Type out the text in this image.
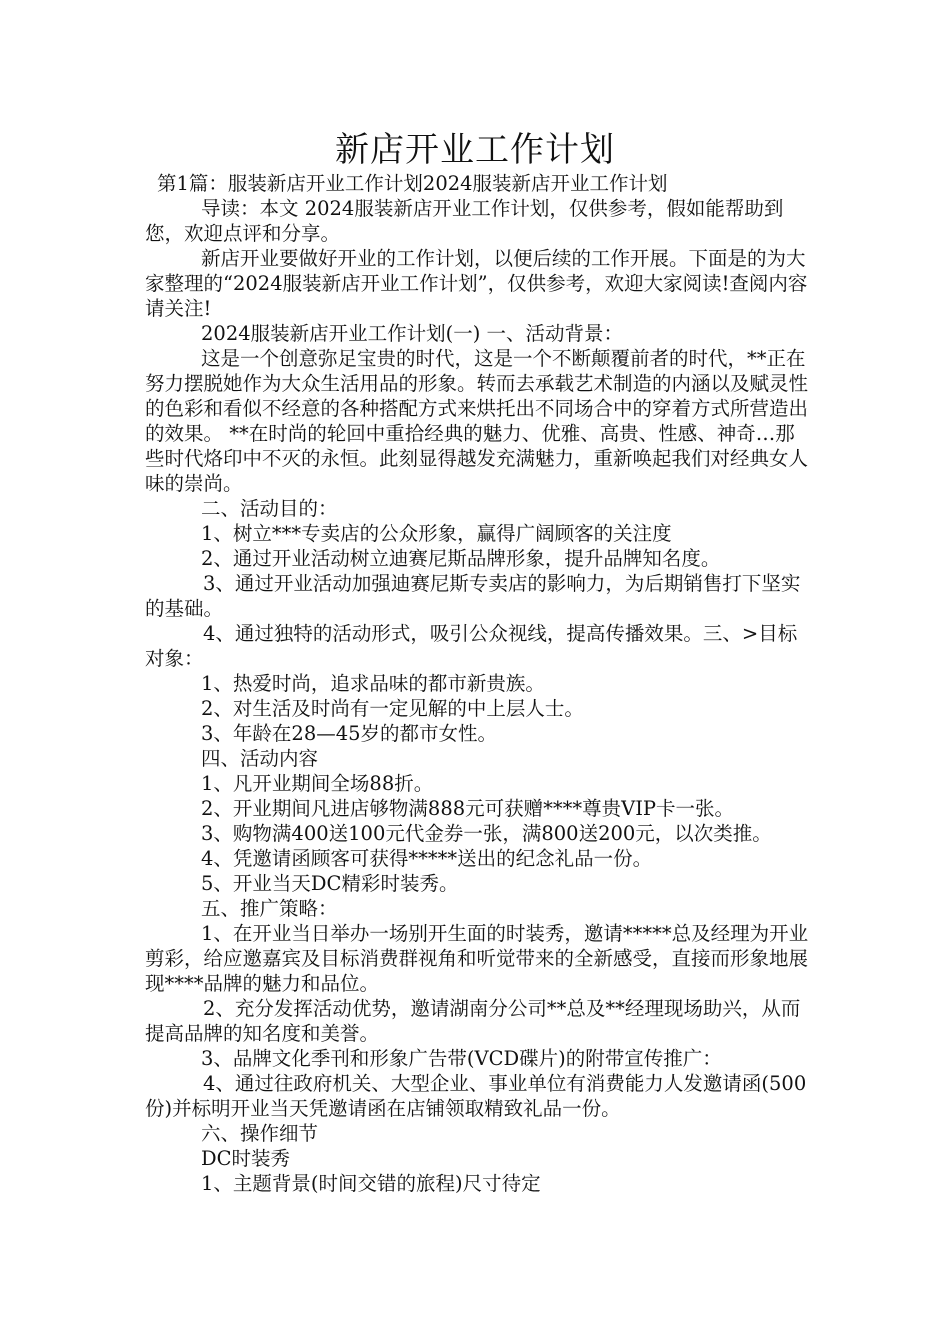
新店开业工作计划

第1篇：服装新店开业工作计划2024服装新店开业工作计划

导读：本文 2024服装新店开业工作计划，仅供参考，假如能帮助到您，欢迎点评和分享。

新店开业要做好开业的工作计划，以便后续的工作开展。下面是的为大家整理的“2024服装新店开业工作计划”，仅供参考，欢迎大家阅读!查阅内容请关注!

2024服装新店开业工作计划(一) 一、活动背景：

这是一个创意弥足宝贵的时代，这是一个不断颠覆前者的时代，**正在努力摆脱她作为大众生活用品的形象。转而去承载艺术制造的内涵以及赋灵性的色彩和看似不经意的各种搭配方式来烘托出不同场合中的穿着方式所营造出的效果。 **在时尚的轮回中重拾经典的魅力、优雅、高贵、性感、神奇…那些时代烙印中不灭的永恒。此刻显得越发充满魅力，重新唤起我们对经典女人味的崇尚。

二、活动目的：

1、树立***专卖店的公众形象，赢得广阔顾客的关注度

2、通过开业活动树立迪赛尼斯品牌形象，提升品牌知名度。

3、通过开业活动加强迪赛尼斯专卖店的影响力，为后期销售打下坚实的基础。

4、通过独特的活动形式，吸引公众视线，提高传播效果。三、>目标对象：

1、热爱时尚，追求品味的都市新贵族。

2、对生活及时尚有一定见解的中上层人士。

3、年龄在28—45岁的都市女性。

四、活动内容

1、凡开业期间全场88折。

2、开业期间凡进店够物满888元可获赠****尊贵VIP卡一张。

3、购物满400送100元代金券一张，满800送200元，以次类推。

4、凭邀请函顾客可获得*****送出的纪念礼品一份。

5、开业当天DC精彩时装秀。

五、推广策略：

1、在开业当日举办一场别开生面的时装秀，邀请*****总及经理为开业剪彩，给应邀嘉宾及目标消费群视角和听觉带来的全新感受，直接而形象地展现****品牌的魅力和品位。

2、充分发挥活动优势，邀请湖南分公司**总及**经理现场助兴，从而提高品牌的知名度和美誉。

3、品牌文化季刊和形象广告带(VCD碟片)的附带宣传推广：

4、通过往政府机关、大型企业、事业单位有消费能力人发邀请函(500份)并标明开业当天凭邀请函在店铺领取精致礼品一份。

六、操作细节

DC时装秀

1、主题背景(时间交错的旅程)尺寸待定
